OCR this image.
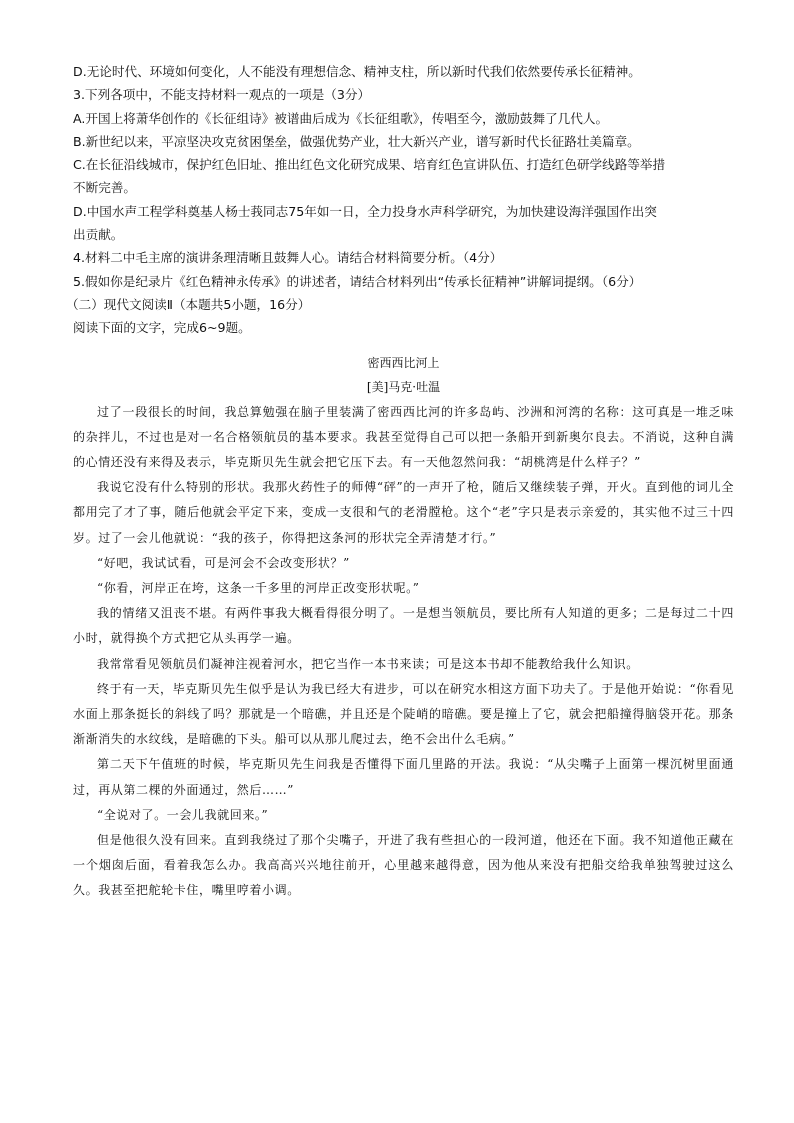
D.无论时代、环境如何变化，人不能没有理想信念、精神支柱，所以新时代我们依然要传承长征精神。

3.下列各项中，不能支持材料一观点的一项是（3分）

A.开国上将萧华创作的《长征组诗》被谱曲后成为《长征组歌》，传唱至今，激励鼓舞了几代人。

B.新世纪以来，平凉坚决攻克贫困堡垒，做强优势产业，壮大新兴产业，谱写新时代长征路壮美篇章。

C.在长征沿线城市，保护红色旧址、推出红色文化研究成果、培育红色宣讲队伍、打造红色研学线路等举措

不断完善。

D.中国水声工程学科奠基人杨士莪同志75年如一日，全力投身水声科学研究，为加快建设海洋强国作出突

出贡献。

4.材料二中毛主席的演讲条理清晰且鼓舞人心。请结合材料简要分析。（4分）

5.假如你是纪录片《红色精神永传承》的讲述者，请结合材料列出“传承长征精神”讲解词提纲。（6分）

（二）现代文阅读Ⅱ（本题共5小题，16分）

阅读下面的文字，完成6~9题。

密西西比河上

[美]马克·吐温

过了一段很长的时间，我总算勉强在脑子里装满了密西西比河的许多岛屿、沙洲和河湾的名称：这可真是一堆乏味的杂拌儿，不过也是对一名合格领航员的基本要求。我甚至觉得自己可以把一条船开到新奥尔良去。不消说，这种自满的心情还没有来得及表示，毕克斯贝先生就会把它压下去。有一天他忽然问我：“胡桃湾是什么样子？”

我说它没有什么特别的形状。我那火药性子的师傅“砰”的一声开了枪，随后又继续装子弹，开火。直到他的词儿全都用完了才了事，随后他就会平定下来，变成一支很和气的老滑膛枪。这个“老”字只是表示亲爱的，其实他不过三十四岁。过了一会儿他就说：“我的孩子，你得把这条河的形状完全弄清楚才行。”

“好吧，我试试看，可是河会不会改变形状？”

“你看，河岸正在垮，这条一千多里的河岸正改变形状呢。”

我的情绪又沮丧不堪。有两件事我大概看得很分明了。一是想当领航员，要比所有人知道的更多；二是每过二十四小时，就得换个方式把它从头再学一遍。

我常常看见领航员们凝神注视着河水，把它当作一本书来读；可是这本书却不能教给我什么知识。

终于有一天，毕克斯贝先生似乎是认为我已经大有进步，可以在研究水相这方面下功夫了。于是他开始说：“你看见水面上那条挺长的斜线了吗？那就是一个暗礁，并且还是个陡峭的暗礁。要是撞上了它，就会把船撞得脑袋开花。那条渐渐消失的水纹线，是暗礁的下头。船可以从那儿爬过去，绝不会出什么毛病。”

第二天下午值班的时候，毕克斯贝先生问我是否懂得下面几里路的开法。我说：“从尖嘴子上面第一棵沉树里面通过，再从第二棵的外面通过，然后……”

“全说对了。一会儿我就回来。”

但是他很久没有回来。直到我绕过了那个尖嘴子，开进了我有些担心的一段河道，他还在下面。我不知道他正藏在一个烟囱后面，看着我怎么办。我高高兴兴地往前开，心里越来越得意，因为他从来没有把船交给我单独驾驶过这么久。我甚至把舵轮卡住，嘴里哼着小调。
